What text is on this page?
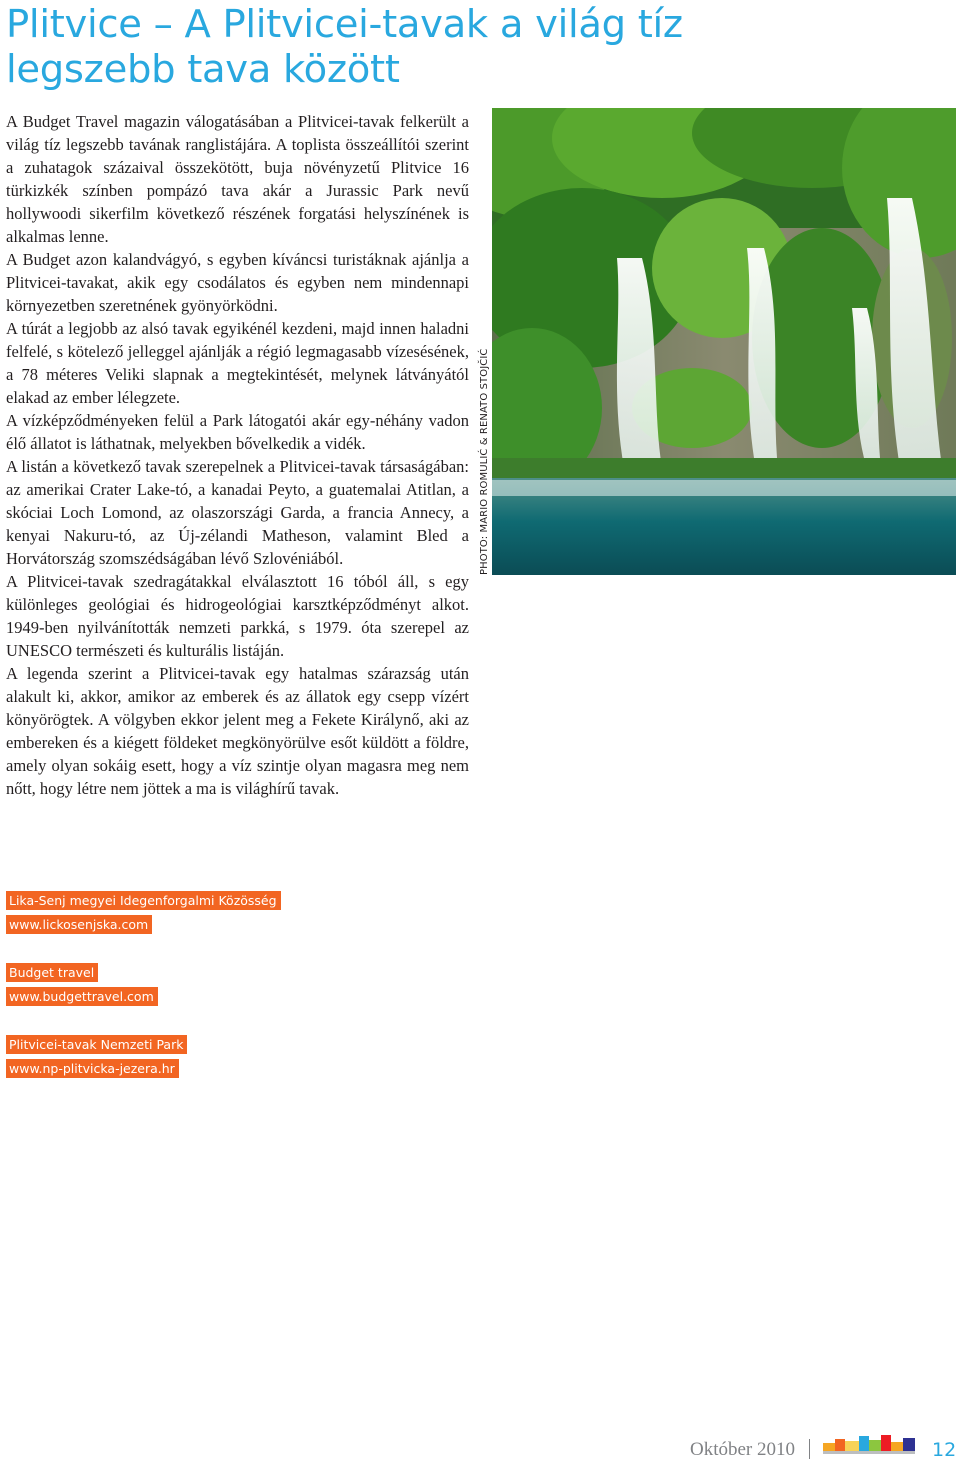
Plitvice – A Plitvicei-tavak a világ tíz legszebb tava között

A Budget Travel magazin válogatásában a Plitvicei-tavak felkerült a világ tíz legszebb tavának ranglistájára. A toplista összeállítói szerint a zuhatagok százaival összekötött, buja növényzetű Plitvice 16 türkizkék színben pompázó tava akár a Jurassic Park nevű hollywoodi sikerfilm következő részének forgatási helyszínének is alkalmas lenne.

A Budget azon kalandvágyó, s egyben kíváncsi turistáknak ajánlja a Plitvicei-tavakat, akik egy csodálatos és egyben nem mindennapi környezetben szeretnének gyönyörködni.

A túrát a legjobb az alsó tavak egyikénél kezdeni, majd innen haladni felfelé, s kötelező jelleggel ajánlják a régió legmagasabb vízesésének, a 78 méteres Veliki slapnak a megtekintését, melynek látványától elakad az ember lélegzete.

A vízképződményeken felül a Park látogatói akár egy-néhány vadon élő állatot is láthatnak, melyekben bővelkedik a vidék.

A listán a következő tavak szerepelnek a Plitvicei-tavak társaságában: az amerikai Crater Lake-tó, a kanadai Peyto, a guatemalai Atitlan, a skóciai Loch Lomond, az olaszországi Garda, a francia Annecy, a kenyai Nakuru-tó, az Új-zélandi Matheson, valamint Bled a Horvátország szomszédságában lévő Szlovéniából.

A Plitvicei-tavak szedragátakkal elválasztott 16 tóból áll, s egy különleges geológiai és hidrogeológiai karsztképződményt alkot. 1949-ben nyilvánították nemzeti parkká, s 1979. óta szerepel az UNESCO természeti és kulturális listáján.

A legenda szerint a Plitvicei-tavak egy hatalmas szárazság után alakult ki, akkor, amikor az emberek és az állatok egy csepp vízért könyörögtek. A völgyben ekkor jelent meg a Fekete Királynő, aki az embereken és a kiégett földeket megkönyörülve esőt küldött a földre, amely olyan sokáig esett, hogy a víz szintje olyan magasra meg nem nőtt, hogy létre nem jöttek a ma is világhírű tavak.

PHOTO: MARIO ROMULIĆ & RENATO STOJČIĆ
Lika-Senj megyei Idegenforgalmi Közösség
www.lickosenjska.com
Budget travel
www.budgettravel.com
Plitvicei-tavak Nemzeti Park
www.np-plitvicka-jezera.hr
Október 2010	12
